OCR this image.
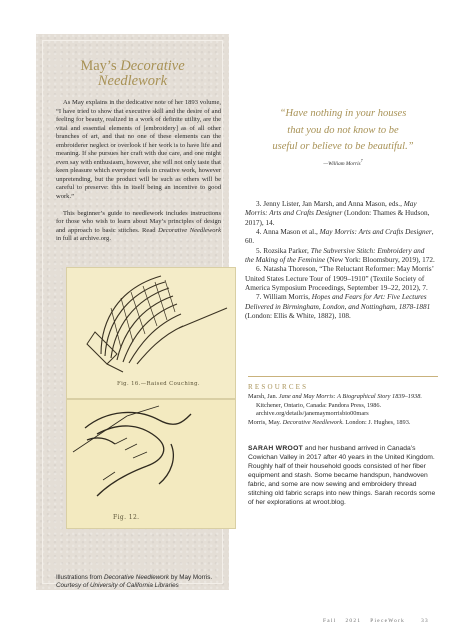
May’s Decorative
Needlework

As May explains in the dedicative note of her 1893 volume, “I have tried to show that executive skill and the desire of and feeling for beauty, realized in a work of definite utility, are the vital and essential elements of [embroidery] as of all other branches of art, and that no one of these elements can the embroiderer neglect or overlook if her work is to have life and meaning. If she pursues her craft with due care, and one might even say with enthusiasm, however, she will not only taste that keen pleasure which everyone feels in creative work, however unpretending, but the product will be such as others will be careful to preserve: this in itself being an incentive to good work.”

This beginner’s guide to needlework includes instructions for those who wish to learn about May’s principles of design and approach to basic stitches. Read Decorative Needlework in full at archive.org.

Fig. 16.—Raised Couching.
Fig. 12.
Illustrations from Decorative Needlework by May Morris.
Courtesy of University of California Libraries
“Have nothing in your houses
that you do not know to be
useful or believe to be beautiful.”
—William Morris$^7$

3. Jenny Lister, Jan Marsh, and Anna Mason, eds., May Morris: Arts and Crafts Designer (London: Thames & Hudson, 2017), 14.

4. Anna Mason et al., May Morris: Arts and Crafts Designer, 60.

5. Rozsika Parker, The Subversive Stitch: Embroidery and the Making of the Feminine (New York: Bloomsbury, 2019), 172.

6. Natasha Thoreson, “The Reluctant Reformer: May Morris’ United States Lecture Tour of 1909–1910” (Textile Society of America Symposium Proceedings, September 19–22, 2012), 7.

7. William Morris, Hopes and Fears for Art: Five Lectures Delivered in Birmingham, London, and Nottingham, 1878-1881 (London: Ellis & White, 1882), 108.

RESOURCES

Marsh, Jan. Jane and May Morris: A Biographical Story 1839–1938. Kitchener, Ontario, Canada: Pandora Press, 1986. archive.org/details/janemaymorrisbio00mars

Morris, May. Decorative Needlework. London: J. Hughes, 1893.

SARAH WROOT and her husband arrived in Canada’s Cowichan Valley in 2017 after 40 years in the United Kingdom. Roughly half of their household goods consisted of her fiber equipment and stash. Some became handspun, handwoven fabric, and some are now sewing and embroidery thread stitching old fabric scraps into new things. Sarah records some of her explorations at wroot.blog.
Fall 2021 PieceWork	33
